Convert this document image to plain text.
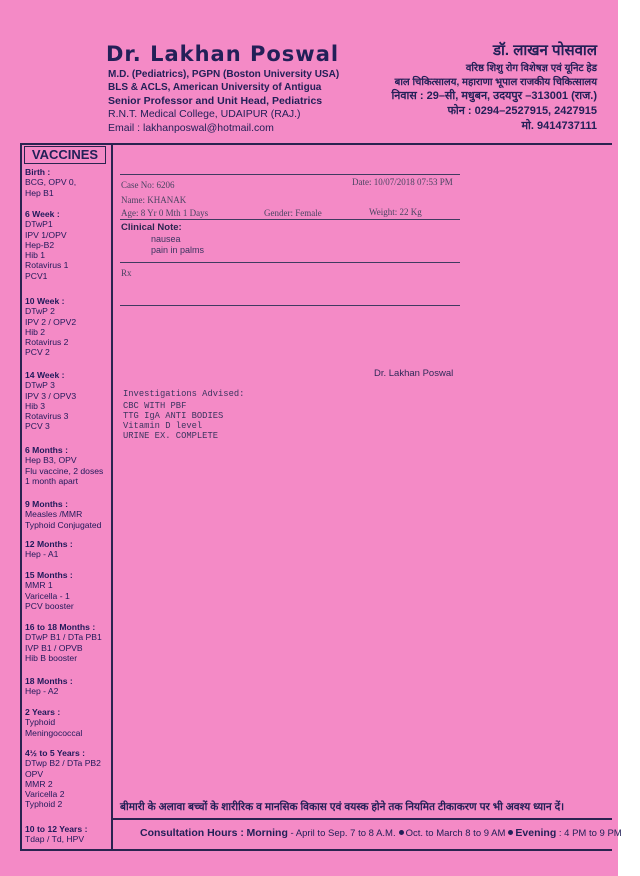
Dr. Lakhan Poswal
M.D. (Pediatrics), PGPN (Boston University USA)
BLS & ACLS, American University of Antigua
Senior Professor and Unit Head, Pediatrics
R.N.T. Medical College, UDAIPUR (RAJ.)
Email : lakhanposwal@hotmail.com
डॉ. लाखन पोसवाल
वरिष्ठ शिशु रोग विशेषज्ञ एवं यूनिट हेड
बाल चिकित्सालय, महाराणा भूपाल राजकीय चिकित्सालय
निवास : 29–सी, मधुबन, उदयपुर –313001 (राज.)
फोन : 0294–2527915, 2427915
मो. 9414737111
VACCINES
Birth :
BCG, OPV 0,
Hep B1
6 Week :
DTwP1
IPV 1/OPV
Hep-B2
Hib 1
Rotavirus 1
PCV1
10 Week :
DTwP 2
IPV 2 / OPV2
Hib 2
Rotavirus 2
PCV 2
14 Week :
DTwP 3
IPV 3 / OPV3
Hib 3
Rotavirus 3
PCV 3
6 Months :
Hep B3, OPV
Flu vaccine, 2 doses
1 month apart
9 Months :
Measles /MMR
Typhoid Conjugated
12 Months :
Hep - A1
15 Months :
MMR 1
Varicella - 1
PCV booster
16 to 18 Months :
DTwP B1 / DTa PB1
IVP B1 / OPVB
Hib B booster
18 Months :
Hep - A2
2 Years :
Typhoid
Meningococcal
4½ to 5 Years :
DTwp B2 / DTa PB2
OPV
MMR 2
Varicella 2
Typhoid 2
10 to 12 Years :
Tdap / Td, HPV
Case No: 6206	Date: 10/07/2018 07:53 PM
Name: KHANAK
Age: 8 Yr 0 Mth 1 Days	Gender: Female	Weight: 22 Kg
Clinical Note:
nausea
pain in palms
Rx
Dr. Lakhan Poswal
Investigations Advised:
CBC WITH PBF
TTG IgA ANTI BODIES
Vitamin D level
URINE EX. COMPLETE
बीमारी के अलावा बच्चों के शारीरिक व मानसिक विकास एवं वयस्क होने तक नियमित टीकाकरण पर भी अवश्य ध्यान दें।
Consultation Hours : Morning - April to Sep. 7 to 8 A.M. Oct. to March 8 to 9 AM Evening : 4 PM to 9 PM
